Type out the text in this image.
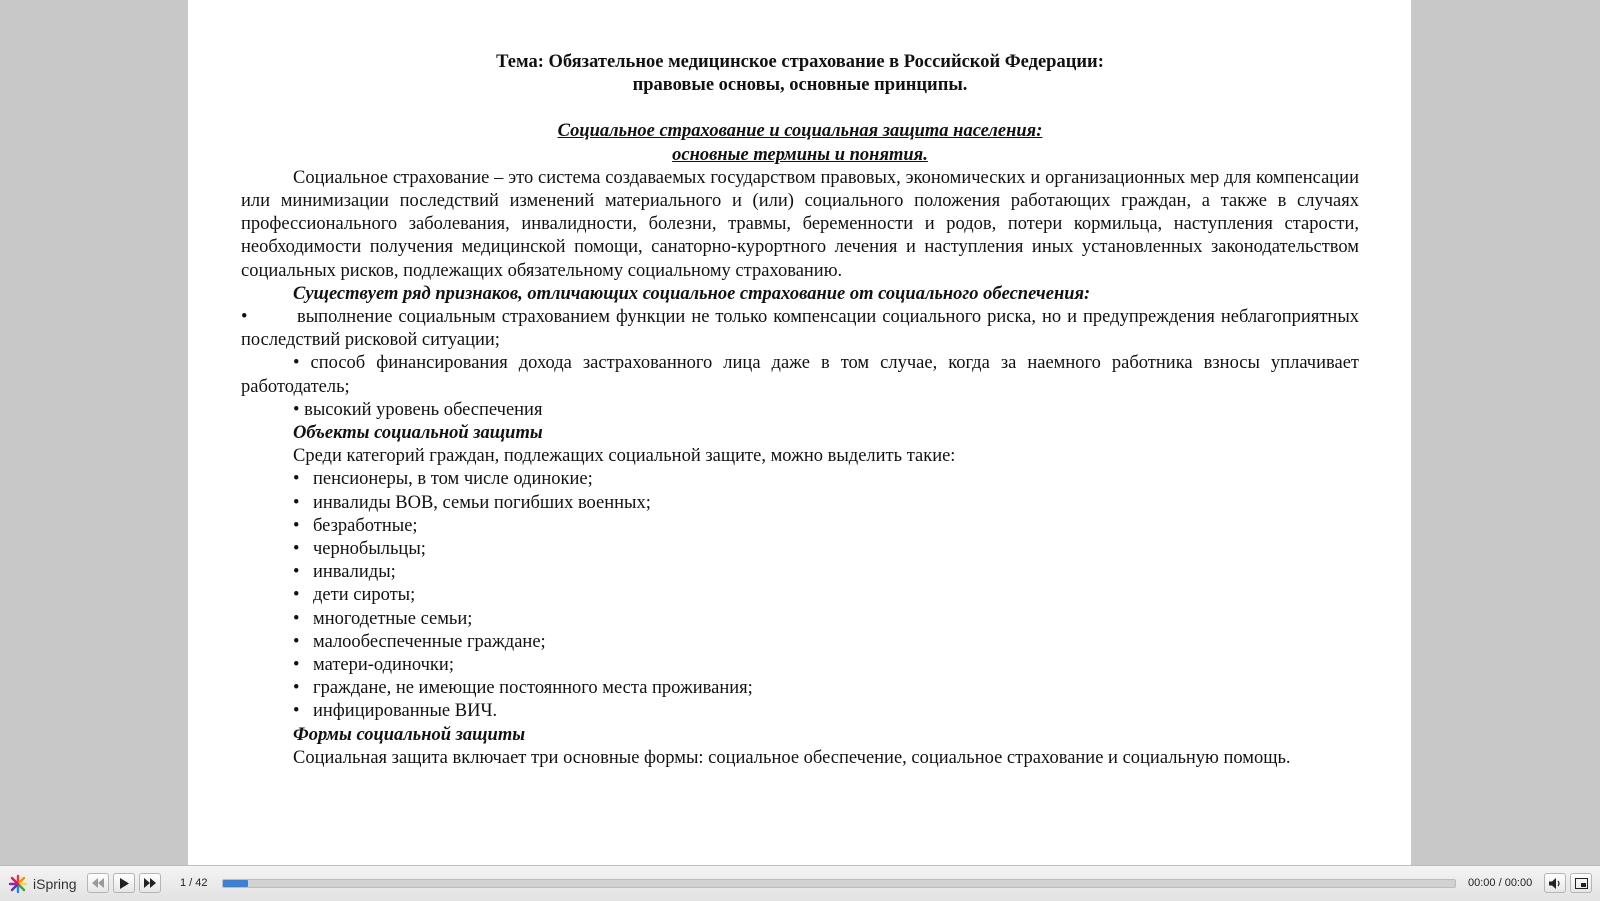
Тема: Обязательное медицинское страхование в Российской Федерации:
правовые основы, основные принципы.
Социальное страхование и социальная защита населения:
основные термины и понятия.
Социальное страхование – это система создаваемых государством правовых, экономических и организационных мер для компенсации или минимизации последствий изменений материального и (или) социального положения работающих граждан, а также в случаях профессионального заболевания, инвалидности, болезни, травмы, беременности и родов, потери кормильца, наступления старости, необходимости получения медицинской помощи, санаторно-курортного лечения и наступления иных установленных законодательством социальных рисков, подлежащих обязательному социальному страхованию.
Существует ряд признаков, отличающих социальное страхование от социального обеспечения:
•	выполнение социальным страхованием функции не только компенсации социального риска, но и предупреждения неблагоприятных последствий рисковой ситуации;
• способ финансирования дохода застрахованного лица даже в том случае, когда за наемного работника взносы уплачивает работодатель;
• высокий уровень обеспечения
Объекты социальной защиты
Среди категорий граждан, подлежащих социальной защите, можно выделить такие:
• пенсионеры, в том числе одинокие;
• инвалиды ВОВ, семьи погибших военных;
• безработные;
• чернобыльцы;
• инвалиды;
• дети сироты;
• многодетные семьи;
• малообеспеченные граждане;
• матери-одиночки;
• граждане, не имеющие постоянного места проживания;
• инфицированные ВИЧ.
Формы социальной защиты
Социальная защита включает три основные формы: социальное обеспечение, социальное страхование и социальную помощь.
iSpring	1 / 42	00:00 / 00:00
